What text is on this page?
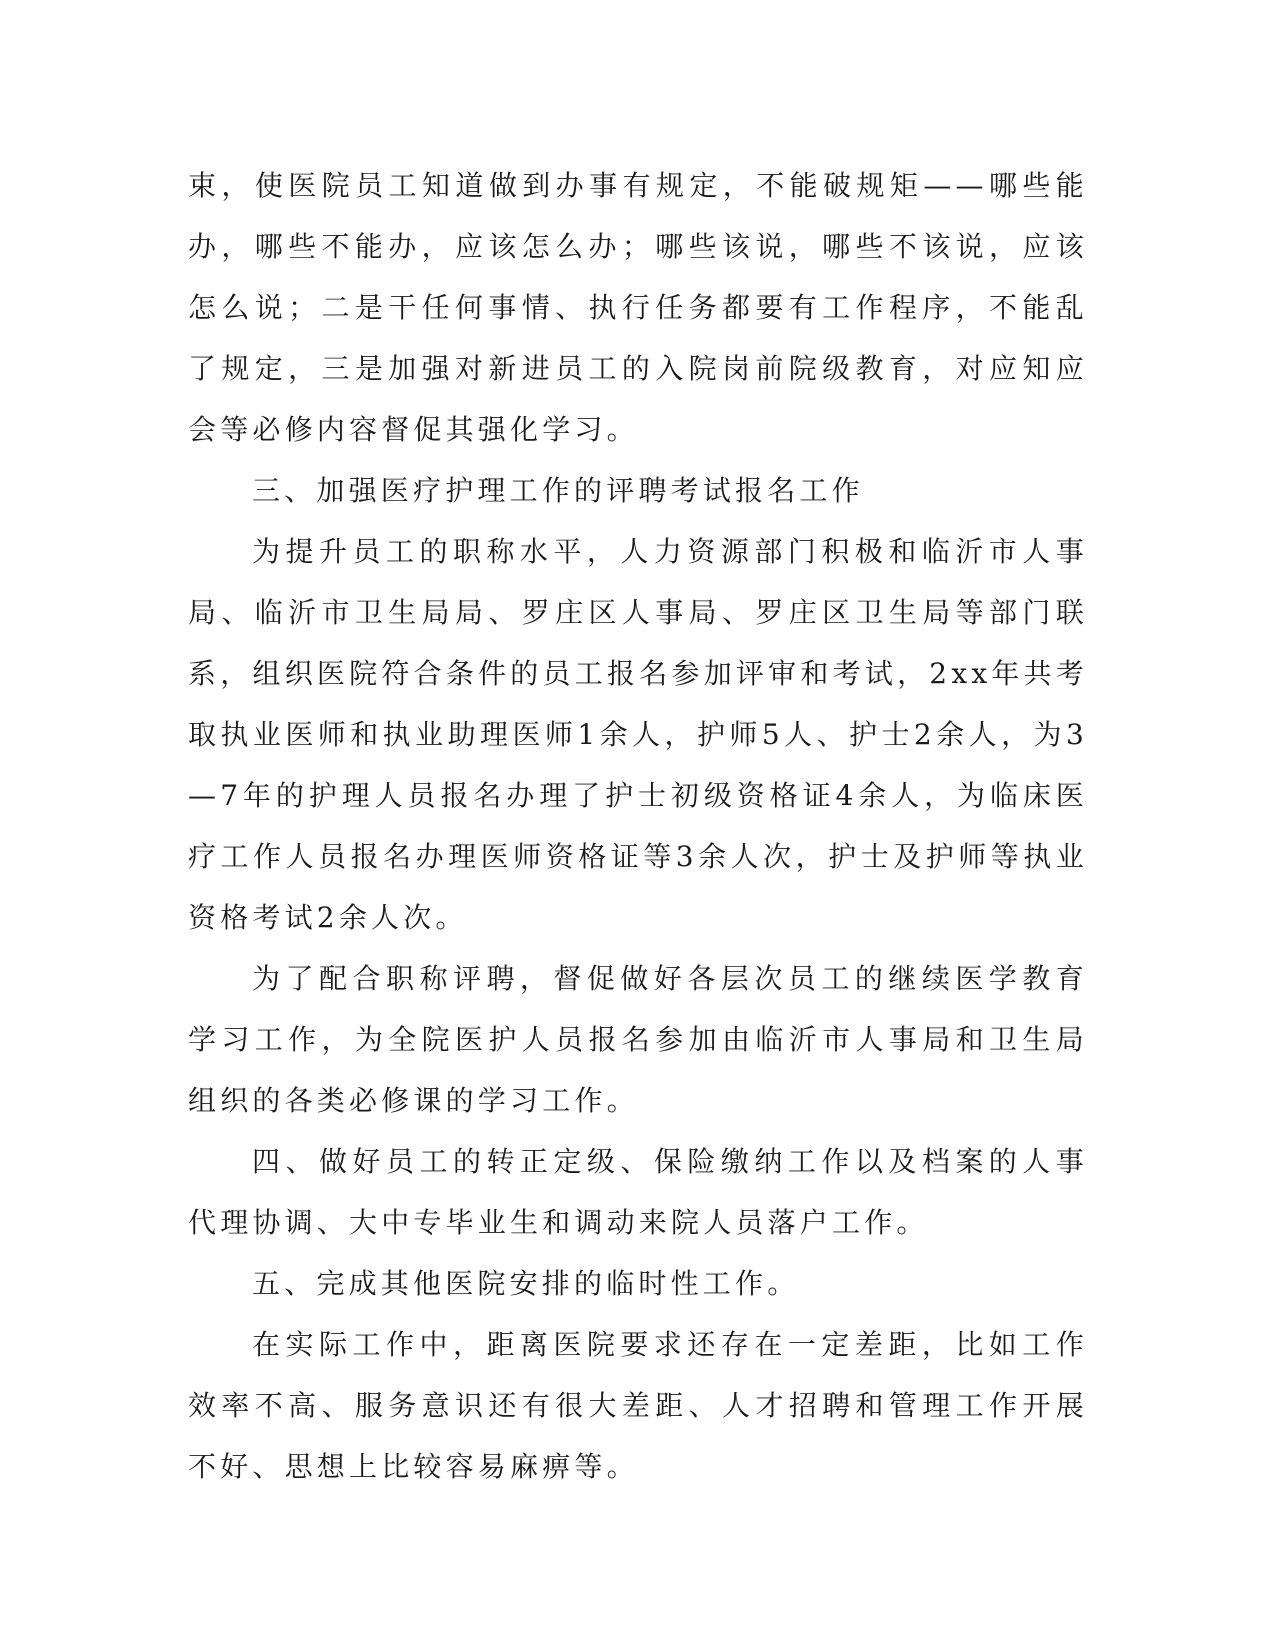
束，使医院员工知道做到办事有规定，不能破规矩——哪些能办，哪些不能办，应该怎么办；哪些该说，哪些不该说，应该怎么说；二是干任何事情、执行任务都要有工作程序，不能乱了规定，三是加强对新进员工的入院岗前院级教育，对应知应会等必修内容督促其强化学习。

三、加强医疗护理工作的评聘考试报名工作

为提升员工的职称水平，人力资源部门积极和临沂市人事局、临沂市卫生局局、罗庄区人事局、罗庄区卫生局等部门联系，组织医院符合条件的员工报名参加评审和考试，2xx年共考取执业医师和执业助理医师1余人，护师5人、护士2余人，为3—7年的护理人员报名办理了护士初级资格证4余人，为临床医疗工作人员报名办理医师资格证等3余人次，护士及护师等执业资格考试2余人次。

为了配合职称评聘，督促做好各层次员工的继续医学教育学习工作，为全院医护人员报名参加由临沂市人事局和卫生局组织的各类必修课的学习工作。

四、做好员工的转正定级、保险缴纳工作以及档案的人事代理协调、大中专毕业生和调动来院人员落户工作。

五、完成其他医院安排的临时性工作。

在实际工作中，距离医院要求还存在一定差距，比如工作效率不高、服务意识还有很大差距、人才招聘和管理工作开展不好、思想上比较容易麻痹等。
